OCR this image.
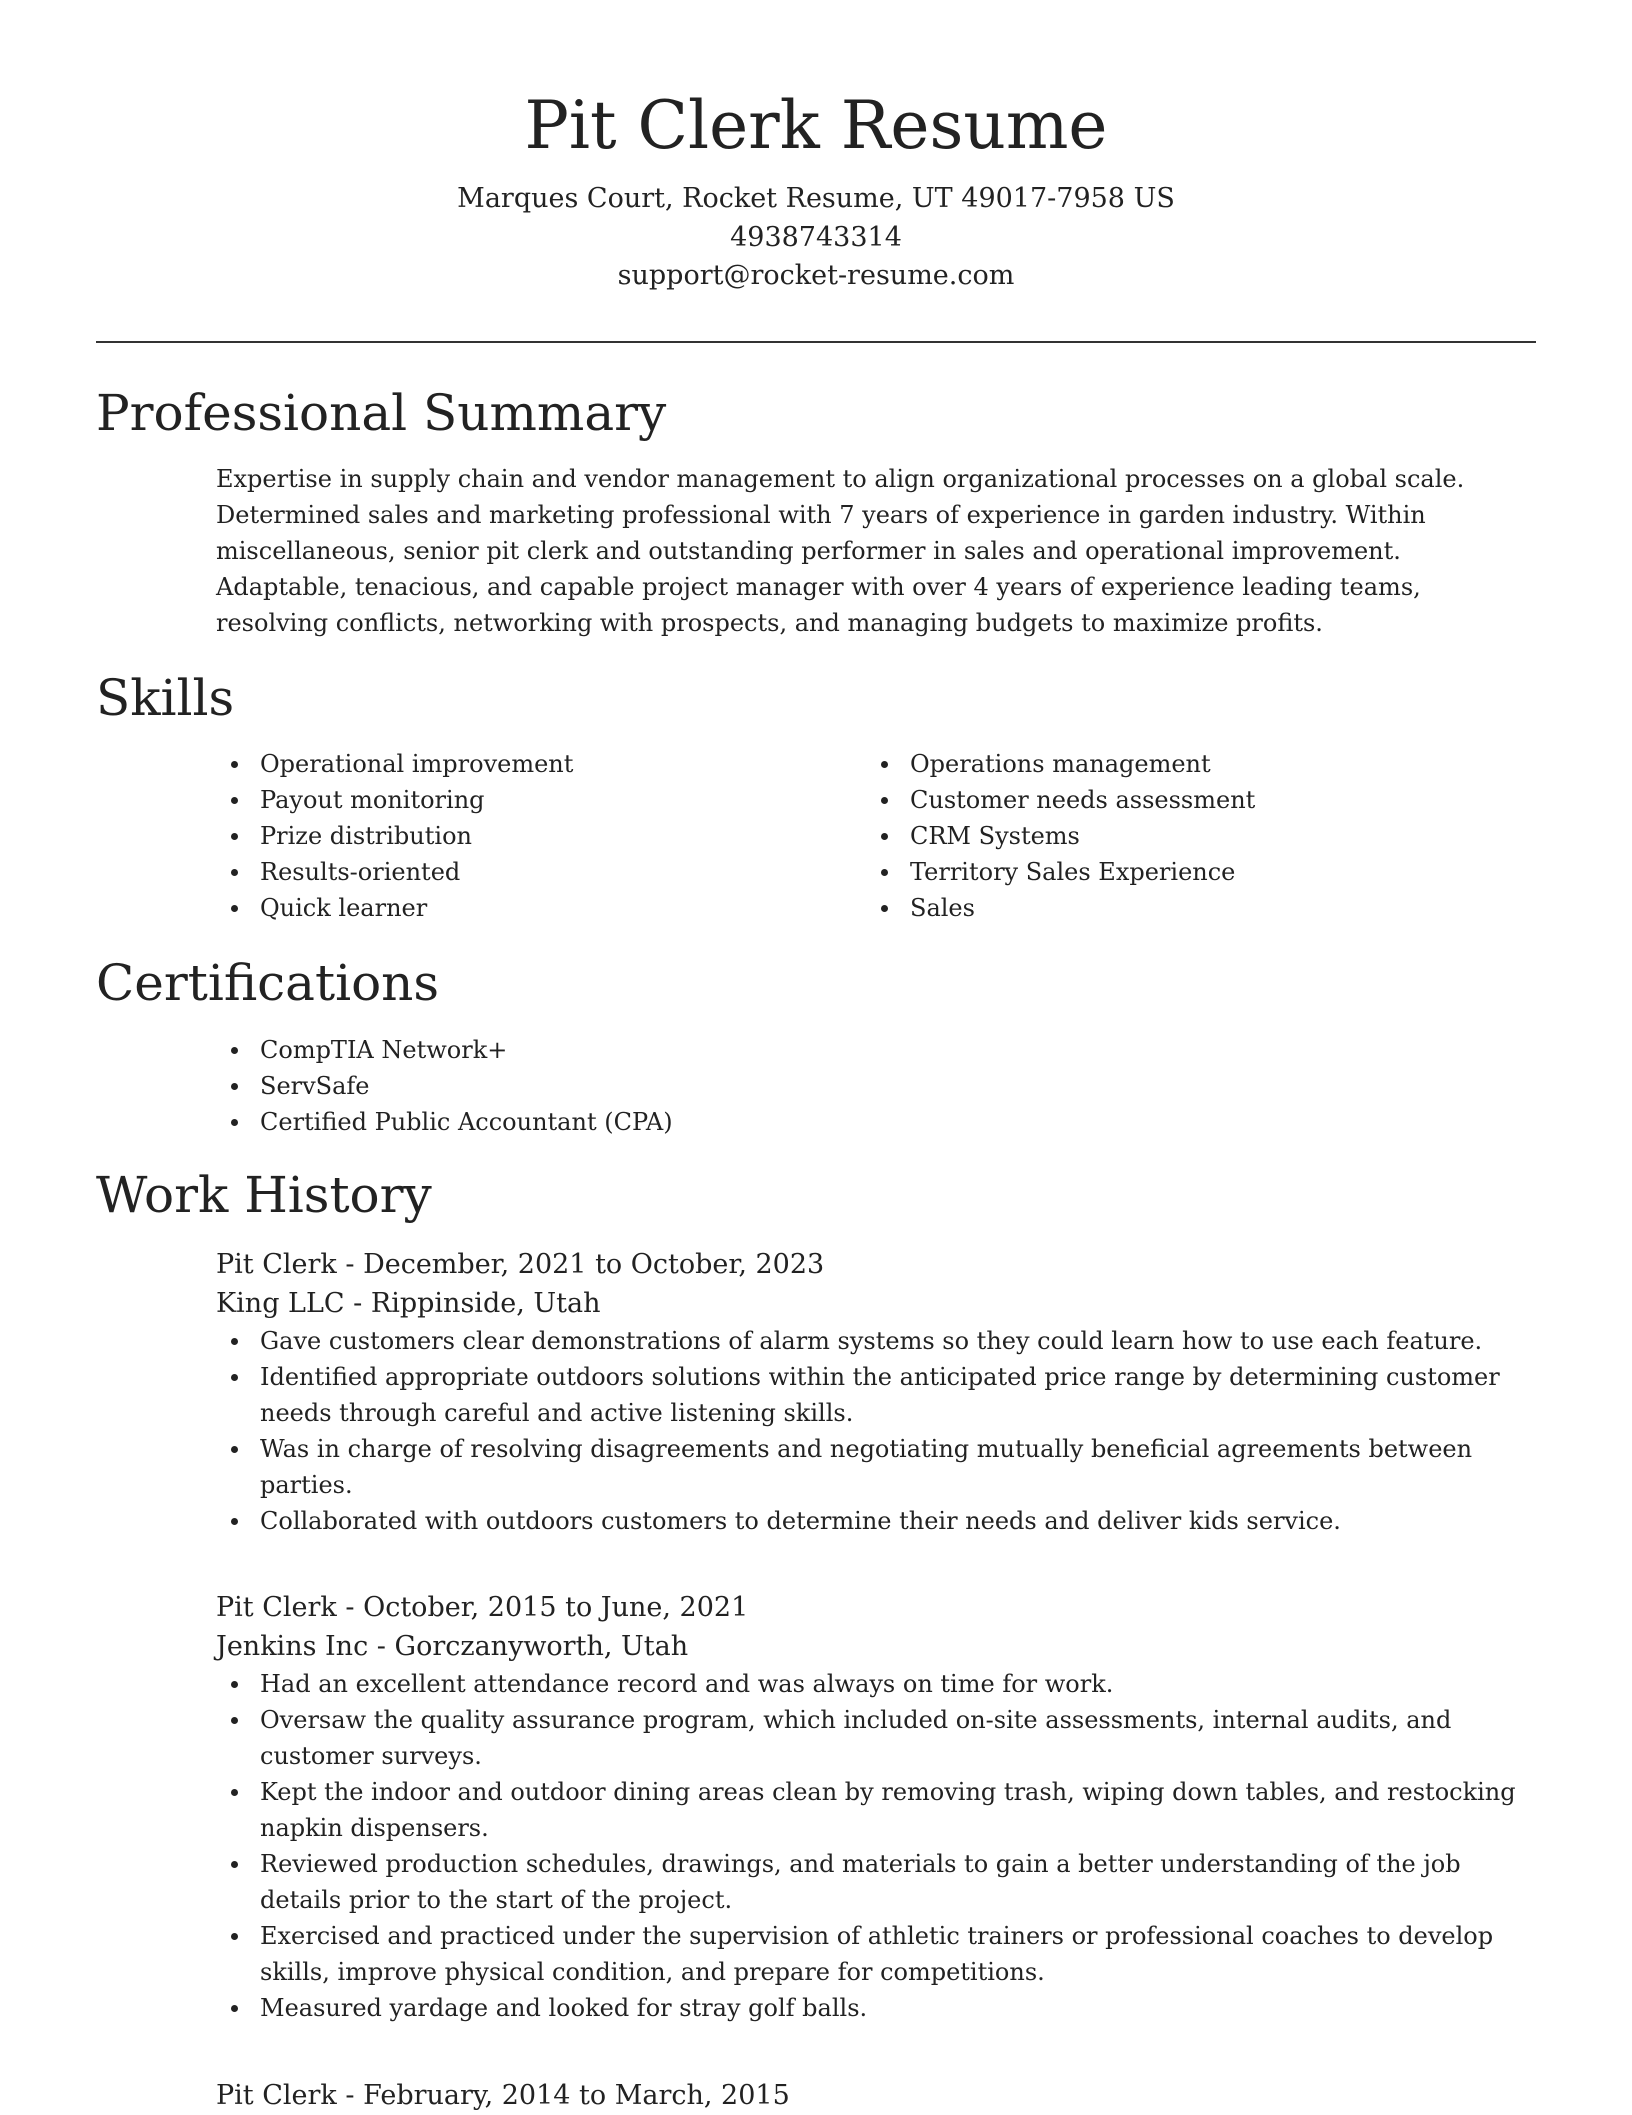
Pit Clerk Resume
Marques Court, Rocket Resume, UT 49017-7958 US
4938743314
support@rocket-resume.com
Professional Summary
Expertise in supply chain and vendor management to align organizational processes on a global scale. Determined sales and marketing professional with 7 years of experience in garden industry. Within miscellaneous, senior pit clerk and outstanding performer in sales and operational improvement. Adaptable, tenacious, and capable project manager with over 4 years of experience leading teams, resolving conflicts, networking with prospects, and managing budgets to maximize profits.
Skills
Operational improvement
Payout monitoring
Prize distribution
Results-oriented
Quick learner
Operations management
Customer needs assessment
CRM Systems
Territory Sales Experience
Sales
Certifications
CompTIA Network+
ServSafe
Certified Public Accountant (CPA)
Work History
Pit Clerk - December, 2021 to October, 2023
King LLC - Rippinside, Utah
Gave customers clear demonstrations of alarm systems so they could learn how to use each feature.
Identified appropriate outdoors solutions within the anticipated price range by determining customer needs through careful and active listening skills.
Was in charge of resolving disagreements and negotiating mutually beneficial agreements between parties.
Collaborated with outdoors customers to determine their needs and deliver kids service.
Pit Clerk - October, 2015 to June, 2021
Jenkins Inc - Gorczanyworth, Utah
Had an excellent attendance record and was always on time for work.
Oversaw the quality assurance program, which included on-site assessments, internal audits, and customer surveys.
Kept the indoor and outdoor dining areas clean by removing trash, wiping down tables, and restocking napkin dispensers.
Reviewed production schedules, drawings, and materials to gain a better understanding of the job details prior to the start of the project.
Exercised and practiced under the supervision of athletic trainers or professional coaches to develop skills, improve physical condition, and prepare for competitions.
Measured yardage and looked for stray golf balls.
Pit Clerk - February, 2014 to March, 2015
